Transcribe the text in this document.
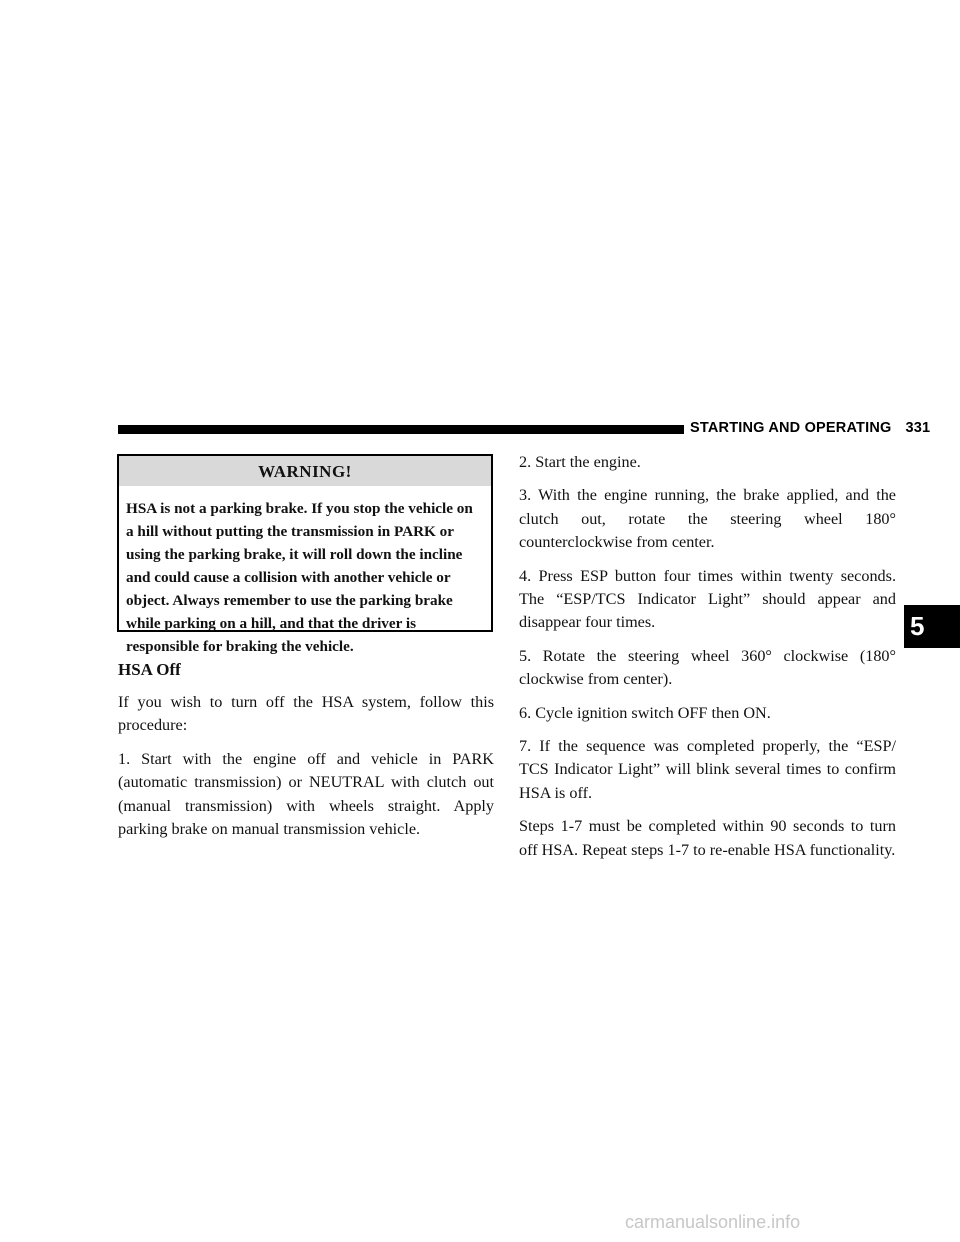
STARTING AND OPERATING 331
WARNING!
HSA is not a parking brake. If you stop the vehicle on
a hill without putting the transmission in PARK or
using the parking brake, it will roll down the incline
and could cause a collision with another vehicle or
object. Always remember to use the parking brake
while parking on a hill, and that the driver is
responsible for braking the vehicle.

HSA Off

If you wish to turn off the HSA system, follow this procedure:

1. Start with the engine off and vehicle in PARK (automatic transmission) or NEUTRAL with clutch out (manual transmission) with wheels straight. Apply parking brake on manual transmission vehicle.

2. Start the engine.

3. With the engine running, the brake applied, and the clutch out, rotate the steering wheel 180° counterclockwise from center.

4. Press ESP button four times within twenty seconds. The “ESP/TCS Indicator Light” should appear and disappear four times.

5. Rotate the steering wheel 360° clockwise (180° clockwise from center).

6. Cycle ignition switch OFF then ON.

7. If the sequence was completed properly, the “ESP/ TCS Indicator Light” will blink several times to confirm HSA is off.

Steps 1-7 must be completed within 90 seconds to turn off HSA. Repeat steps 1-7 to re-enable HSA functionality.

5
carmanualsonline.info
